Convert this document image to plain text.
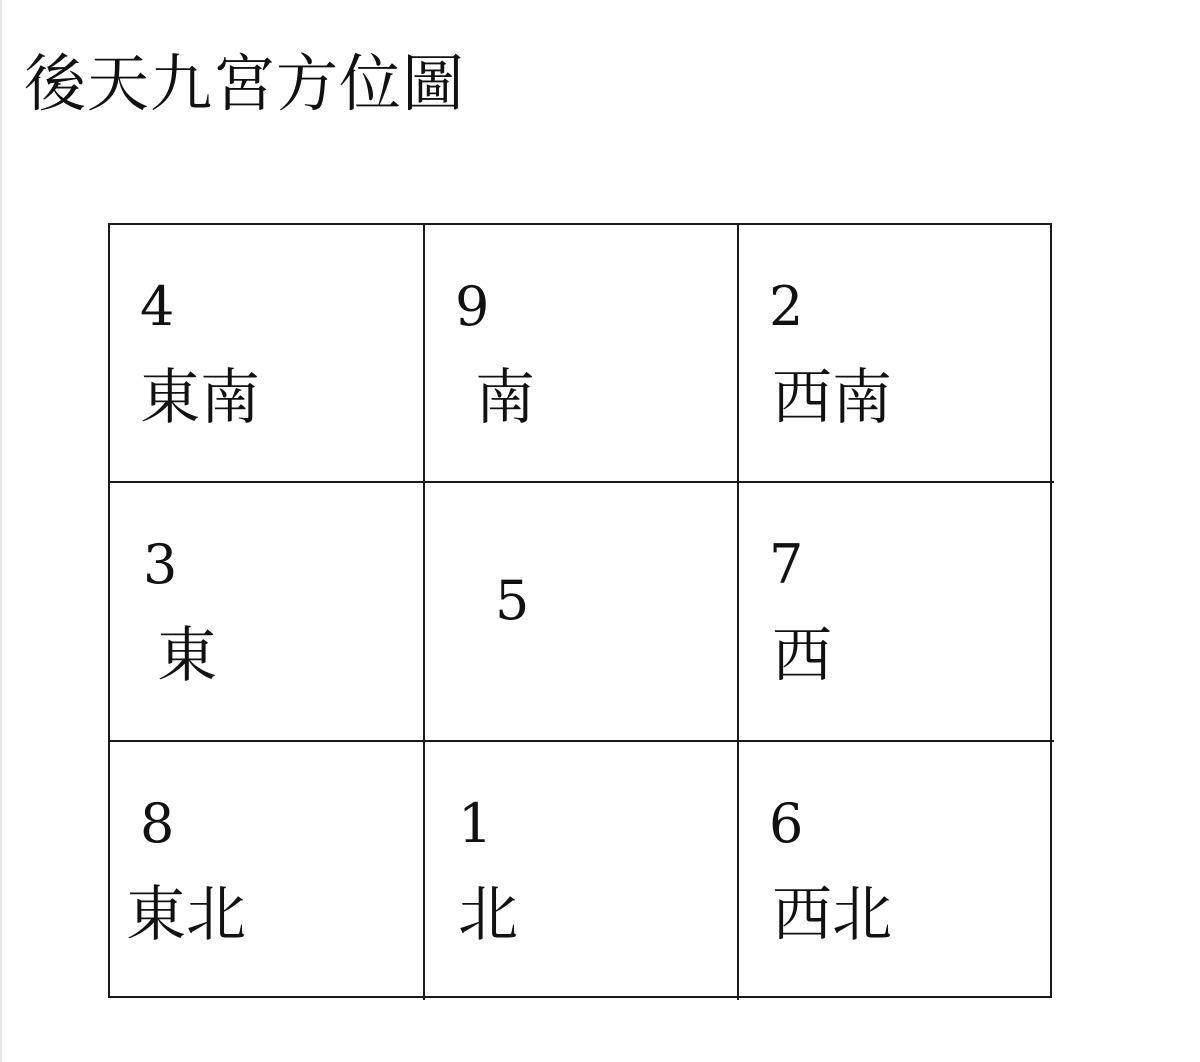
後天九宮方位圖
4
東南
9
南
2
西南
3
東
5
7
西
8
東北
1
北
6
西北
